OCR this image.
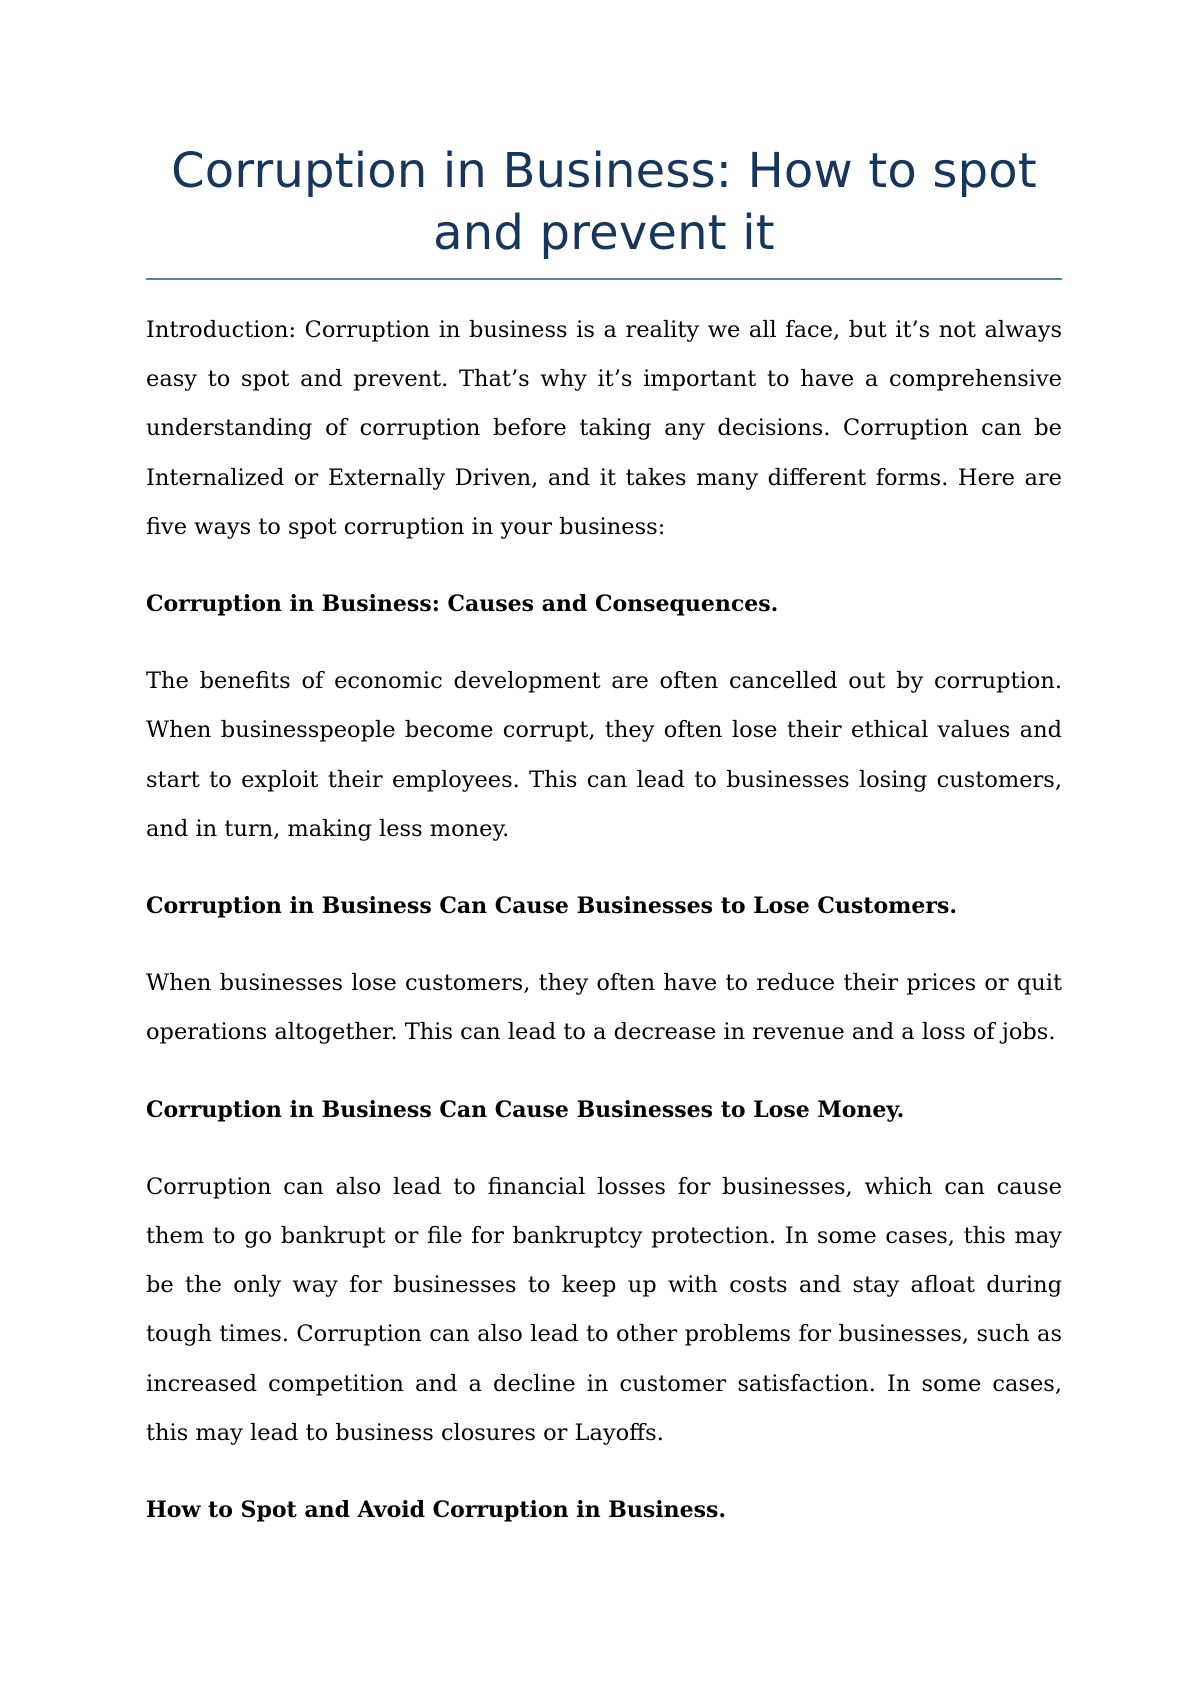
Corruption in Business: How to spot and prevent it

Introduction: Corruption in business is a reality we all face, but it’s not always easy to spot and prevent. That’s why it’s important to have a comprehensive understanding of corruption before taking any decisions. Corruption can be Internalized or Externally Driven, and it takes many different forms. Here are five ways to spot corruption in your business:

Corruption in Business: Causes and Consequences.

The benefits of economic development are often cancelled out by corruption. When businesspeople become corrupt, they often lose their ethical values and start to exploit their employees. This can lead to businesses losing customers, and in turn, making less money.

Corruption in Business Can Cause Businesses to Lose Customers.

When businesses lose customers, they often have to reduce their prices or quit operations altogether. This can lead to a decrease in revenue and a loss of jobs.

Corruption in Business Can Cause Businesses to Lose Money.

Corruption can also lead to financial losses for businesses, which can cause them to go bankrupt or file for bankruptcy protection. In some cases, this may be the only way for businesses to keep up with costs and stay afloat during tough times. Corruption can also lead to other problems for businesses, such as increased competition and a decline in customer satisfaction. In some cases, this may lead to business closures or Layoffs.

How to Spot and Avoid Corruption in Business.
